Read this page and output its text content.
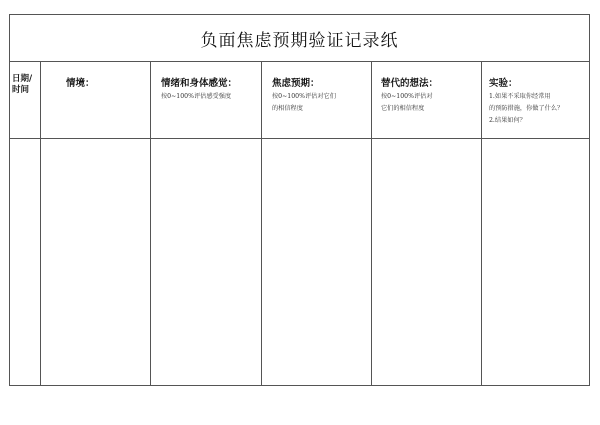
负面焦虑预期验证记录纸
日期/时间
情境：	情绪和身体感觉：
按0~100%评估感受强度
焦虑预期：
按0~100%评估对它们
的相信程度
替代的想法：
按0~100%评估对
它们的相信程度
实验：
1.如果不采取你经常用
的预防措施，你做了什么？
2.结果如何？
